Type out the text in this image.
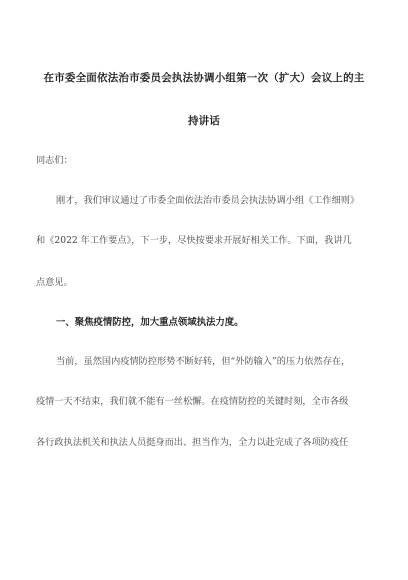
在市委全面依法治市委员会执法协调小组第一次（扩大）会议上的主
持讲话
同志们：
刚才，我们审议通过了市委全面依法治市委员会执法协调小组《工作细则》
和《2022 年工作要点》，下一步，尽快按要求开展好相关工作。下面，我讲几
点意见。
一、聚焦疫情防控，加大重点领域执法力度。
当前，虽然国内疫情防控形势不断好转，但“外防输入”的压力依然存在，
疫情一天不结束，我们就不能有一丝松懈。在疫情防控的关键时刻，全市各级
各行政执法机关和执法人员挺身而出、担当作为，全力以赴完成了各项防疫任
